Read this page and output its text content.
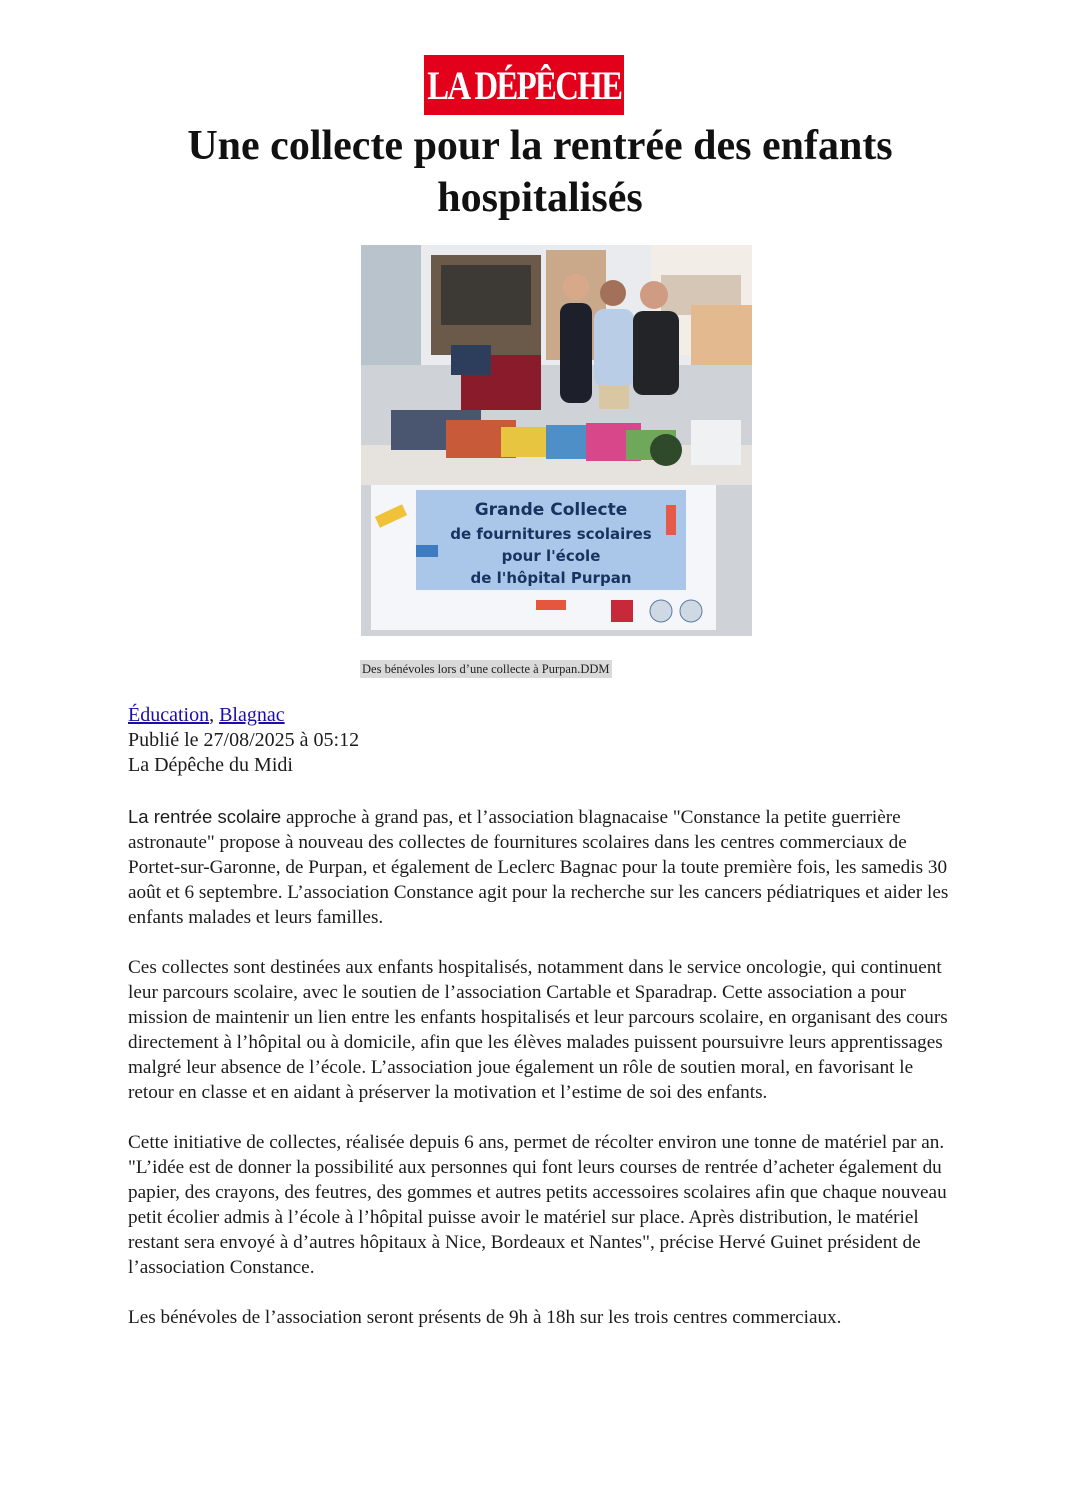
LA DÉPÊCHE
Une collecte pour la rentrée des enfants
hospitalisés
Grande Collecte
de fournitures scolaires
pour l'école
de l'hôpital Purpan
Des bénévoles lors d’une collecte à Purpan.DDM
Éducation, Blagnac
Publié le 27/08/2025 à 05:12
La Dépêche du Midi

La rentrée scolaire approche à grand pas, et l’association blagnacaise "Constance la petite guerrière astronaute" propose à nouveau des collectes de fournitures scolaires dans les centres commerciaux de Portet-sur-Garonne, de Purpan, et également de Leclerc Bagnac pour la toute première fois, les samedis 30 août et 6 septembre. L’association Constance agit pour la recherche sur les cancers pédiatriques et aider les enfants malades et leurs familles.

Ces collectes sont destinées aux enfants hospitalisés, notamment dans le service oncologie, qui continuent leur parcours scolaire, avec le soutien de l’association Cartable et Sparadrap. Cette association a pour mission de maintenir un lien entre les enfants hospitalisés et leur parcours scolaire, en organisant des cours directement à l’hôpital ou à domicile, afin que les élèves malades puissent poursuivre leurs apprentissages malgré leur absence de l’école. L’association joue également un rôle de soutien moral, en favorisant le retour en classe et en aidant à préserver la motivation et l’estime de soi des enfants.

Cette initiative de collectes, réalisée depuis 6 ans, permet de récolter environ une tonne de matériel par an. "L’idée est de donner la possibilité aux personnes qui font leurs courses de rentrée d’acheter également du papier, des crayons, des feutres, des gommes et autres petits accessoires scolaires afin que chaque nouveau petit écolier admis à l’école à l’hôpital puisse avoir le matériel sur place. Après distribution, le matériel restant sera envoyé à d’autres hôpitaux à Nice, Bordeaux et Nantes", précise Hervé Guinet président de l’association Constance.

Les bénévoles de l’association seront présents de 9h à 18h sur les trois centres commerciaux.
